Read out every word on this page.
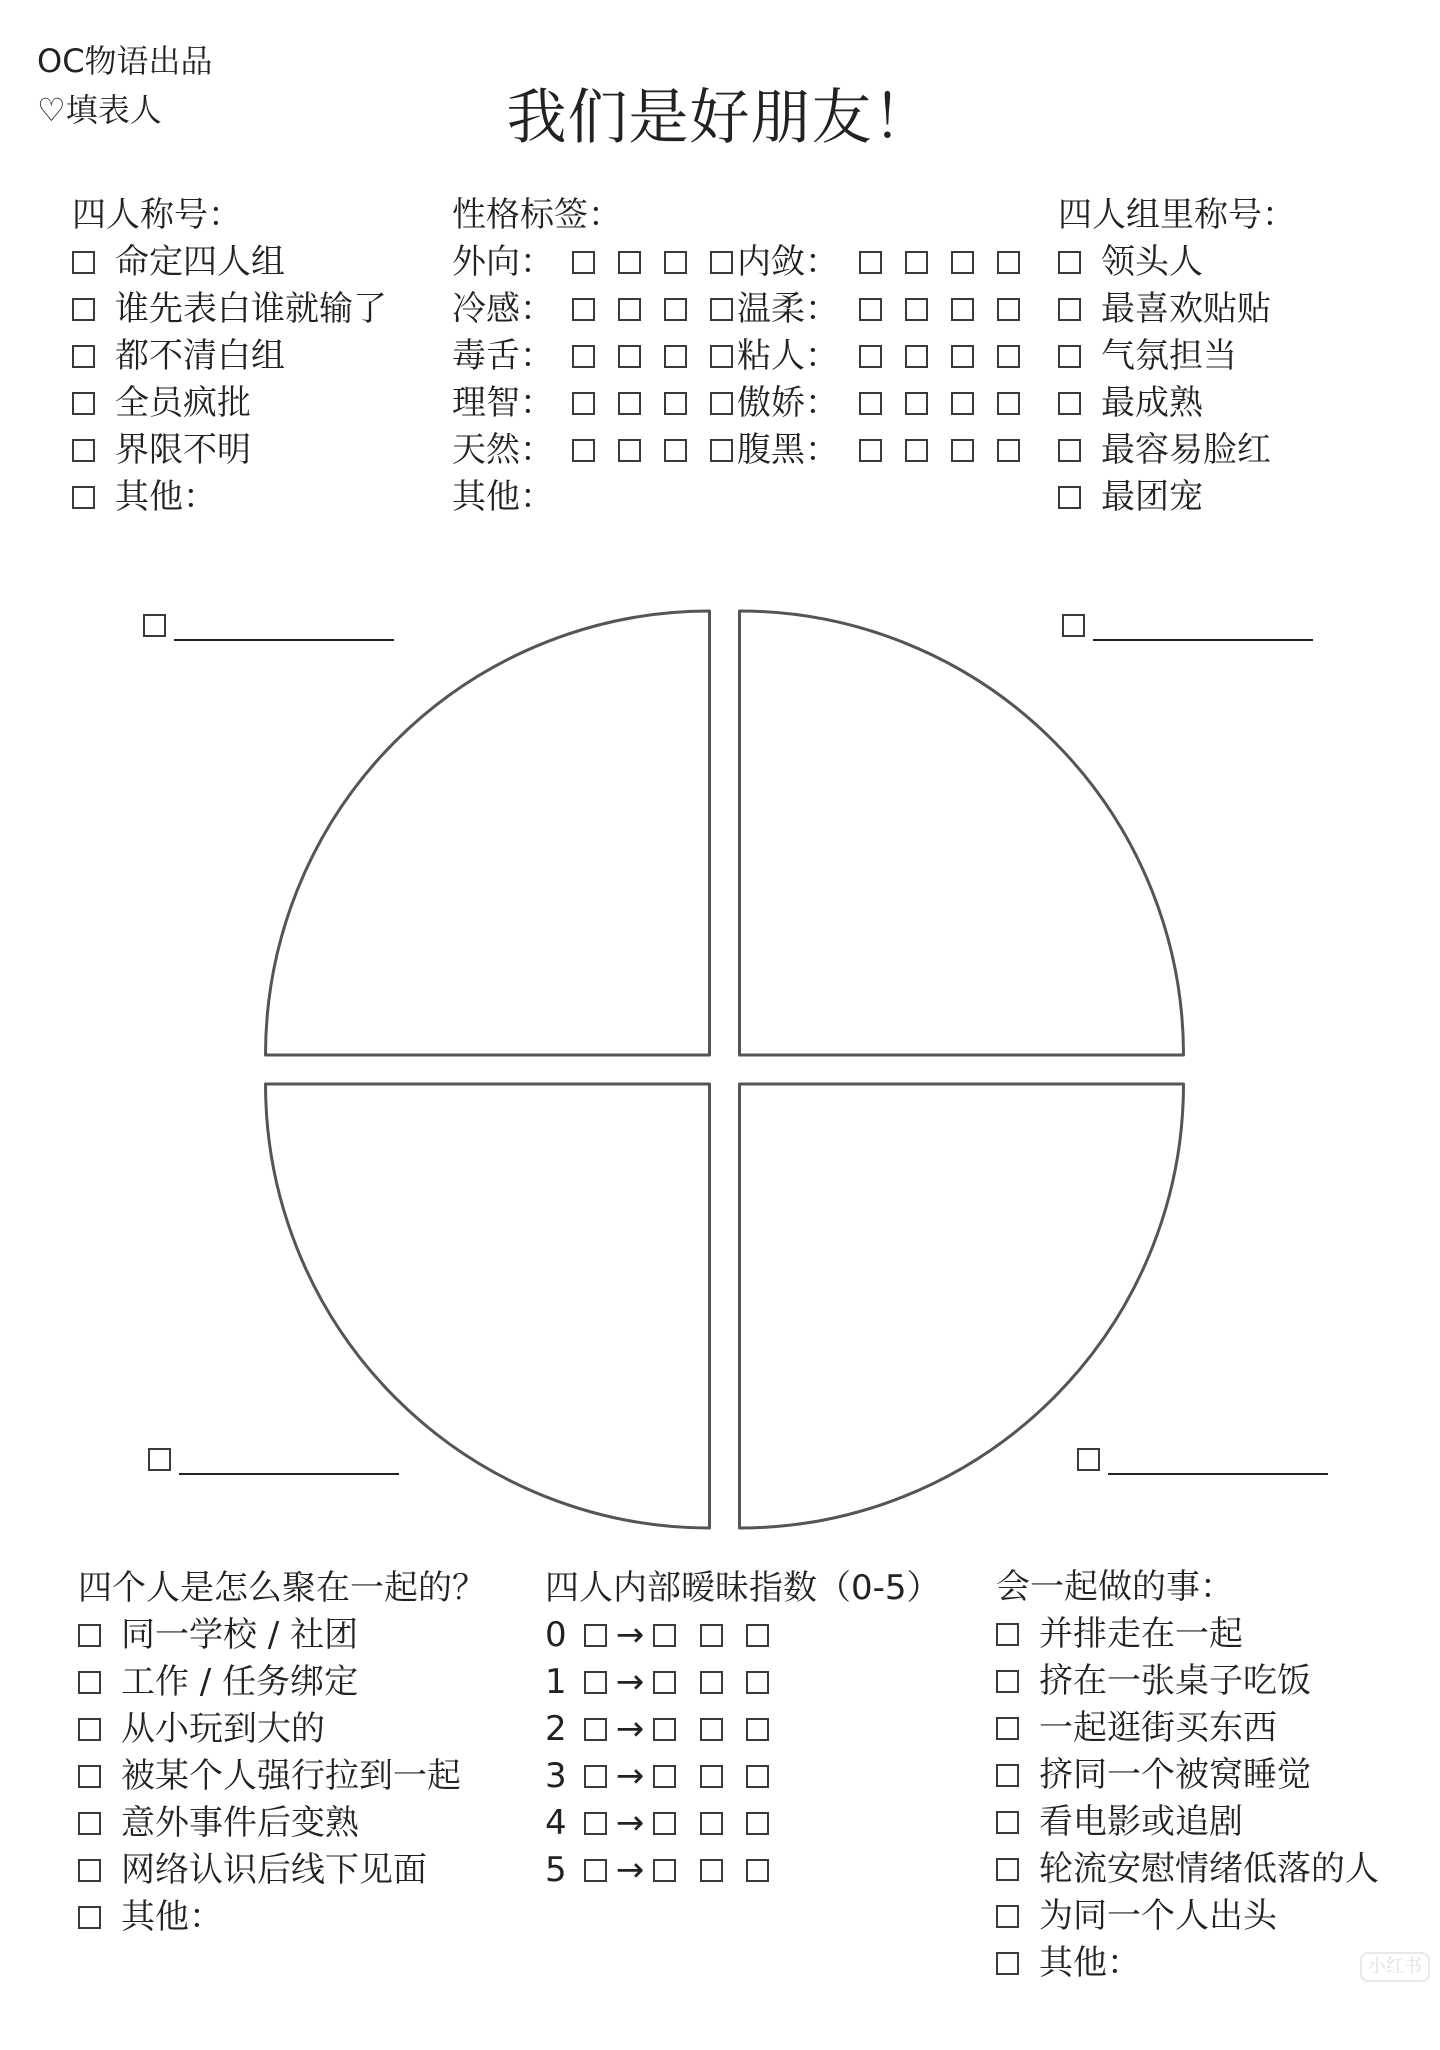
OC物语出品
♡填表人	我们是好朋友！
四人称号：
命定四人组
谁先表白谁就输了
都不清白组
全员疯批
界限不明
其他：
性格标签：
外向：	内敛：
冷感：	温柔：
毒舌：	粘人：
理智：	傲娇：
天然：	腹黑：
其他：
四人组里称号：
领头人
最喜欢贴贴
气氛担当
最成熟
最容易脸红
最团宠
四个人是怎么聚在一起的？
同一学校 / 社团
工作 / 任务绑定
从小玩到大的
被某个人强行拉到一起
意外事件后变熟
网络认识后线下见面
其他：
四人内部暧昧指数（0-5）
0	→
1	→
2	→
3	→
4	→
5	→
会一起做的事：
并排走在一起
挤在一张桌子吃饭
一起逛街买东西
挤同一个被窝睡觉
看电影或追剧
轮流安慰情绪低落的人
为同一个人出头
其他：	小红书
